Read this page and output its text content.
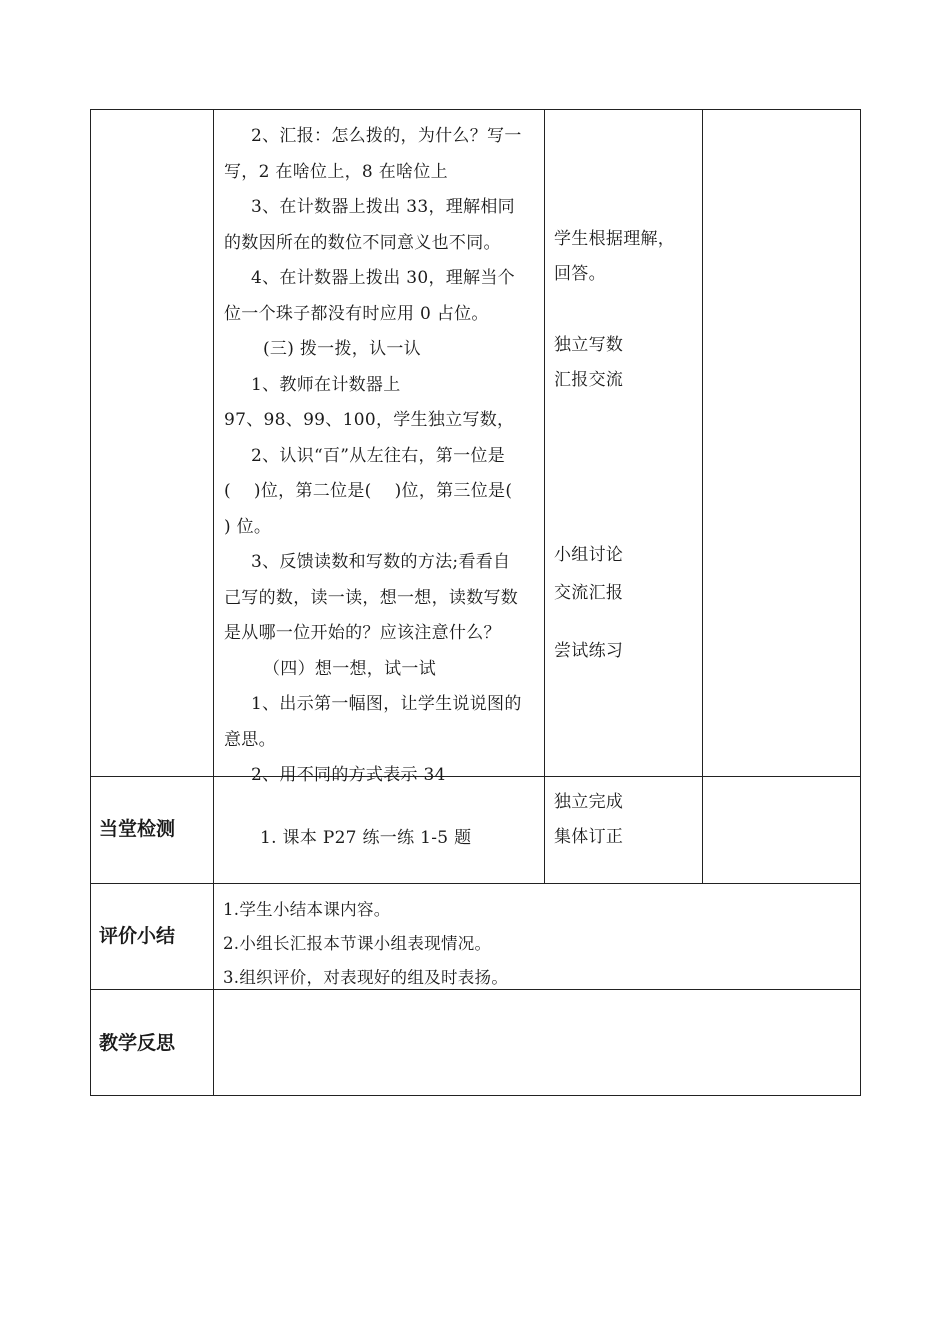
2、汇报：怎么拨的，为什么？写一
写，2 在啥位上，8 在啥位上
3、在计数器上拨出 33，理解相同
的数因所在的数位不同意义也不同。
4、在计数器上拨出 30，理解当个
位一个珠子都没有时应用 0 占位。
(三) 拨一拨，认一认
1、教师在计数器上
97、98、99、100，学生独立写数，
2、认识“百”从左往右，第一位是
(　 )位，第二位是(　 )位，第三位是(
) 位。
3、反馈读数和写数的方法;看看自
己写的数，读一读，想一想，读数写数
是从哪一位开始的？应该注意什么？
（四）想一想，试一试
1、出示第一幅图，让学生说说图的
意思。
2、用不同的方式表示 34
学生根据理解，
回答。
独立写数
汇报交流
小组讨论
交流汇报
尝试练习
当堂检测	1. 课本 P27 练一练 1-5 题
独立完成
集体订正
评价小结
1.学生小结本课内容。
2.小组长汇报本节课小组表现情况。
3.组织评价，对表现好的组及时表扬。
教学反思
